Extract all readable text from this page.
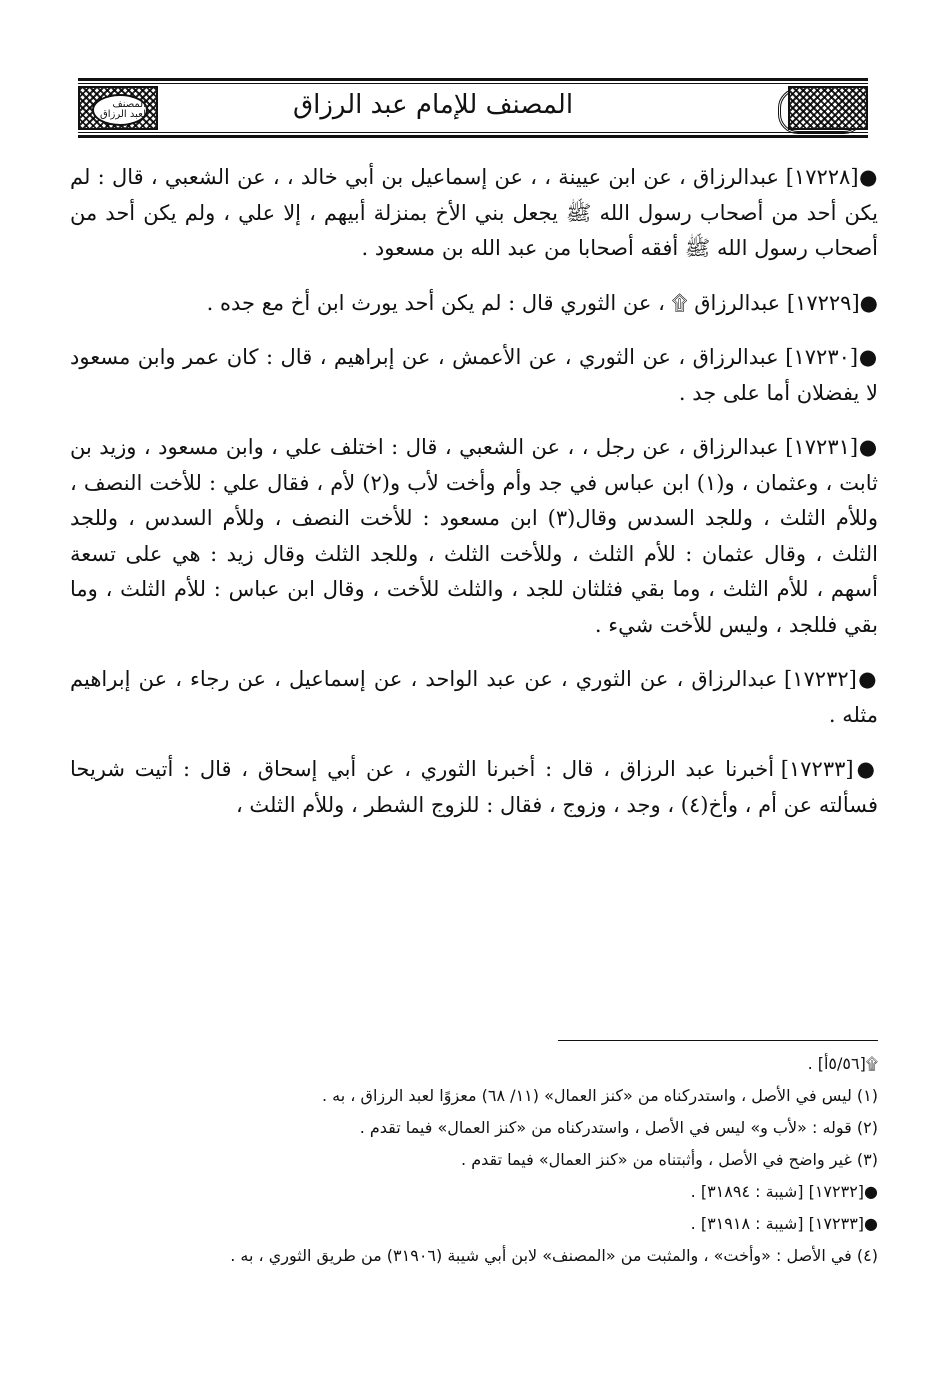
المصنف لعبد الرزاق	المصنف للإمام عبد الرزاق

●[١٧٢٢٨] عبدالرزاق ، عن ابن عيينة ، ، عن إسماعيل بن أبي خالد ، ، عن الشعبي ، قال : لم يكن أحد من أصحاب رسول الله ﷺ يجعل بني الأخ بمنزلة أبيهم ، إلا علي ، ولم يكن أحد من أصحاب رسول الله ﷺ أفقه أصحابا من عبد الله بن مسعود .

●[١٧٢٢٩] عبدالرزاق ۩ ، عن الثوري قال : لم يكن أحد يورث ابن أخ مع جده .

●[١٧٢٣٠] عبدالرزاق ، عن الثوري ، عن الأعمش ، عن إبراهيم ، قال : كان عمر وابن مسعود لا يفضلان أما على جد .

●[١٧٢٣١] عبدالرزاق ، عن رجل ، ، عن الشعبي ، قال : اختلف علي ، وابن مسعود ، وزيد بن ثابت ، وعثمان ، و(١) ابن عباس في جد وأم وأخت لأب و(٢) لأم ، فقال علي : للأخت النصف ، وللأم الثلث ، وللجد السدس وقال(٣) ابن مسعود : للأخت النصف ، وللأم السدس ، وللجد الثلث ، وقال عثمان : للأم الثلث ، وللأخت الثلث ، وللجد الثلث وقال زيد : هي على تسعة أسهم ، للأم الثلث ، وما بقي فثلثان للجد ، والثلث للأخت ، وقال ابن عباس : للأم الثلث ، وما بقي فللجد ، وليس للأخت شيء .

●[١٧٢٣٢] عبدالرزاق ، عن الثوري ، عن عبد الواحد ، عن إسماعيل ، عن رجاء ، عن إبراهيم مثله .

●[١٧٢٣٣] أخبرنا عبد الرزاق ، قال : أخبرنا الثوري ، عن أبي إسحاق ، قال : أتيت شريحا فسألته عن أم ، وأخ(٤) ، وجد ، وزوج ، فقال : للزوج الشطر ، وللأم الثلث ،

۩[٥/٥٦أ] .

(١) ليس في الأصل ، واستدركناه من «كنز العمال» (١١/ ٦٨) معزوًا لعبد الرزاق ، به .

(٢) قوله : «لأب و» ليس في الأصل ، واستدركناه من «كنز العمال» فيما تقدم .

(٣) غير واضح في الأصل ، وأثبتناه من «كنز العمال» فيما تقدم .

●[١٧٢٣٢] [شيبة : ٣١٨٩٤] .

●[١٧٢٣٣] [شيبة : ٣١٩١٨] .

(٤) في الأصل : «وأخت» ، والمثبت من «المصنف» لابن أبي شيبة (٣١٩٠٦) من طريق الثوري ، به .
